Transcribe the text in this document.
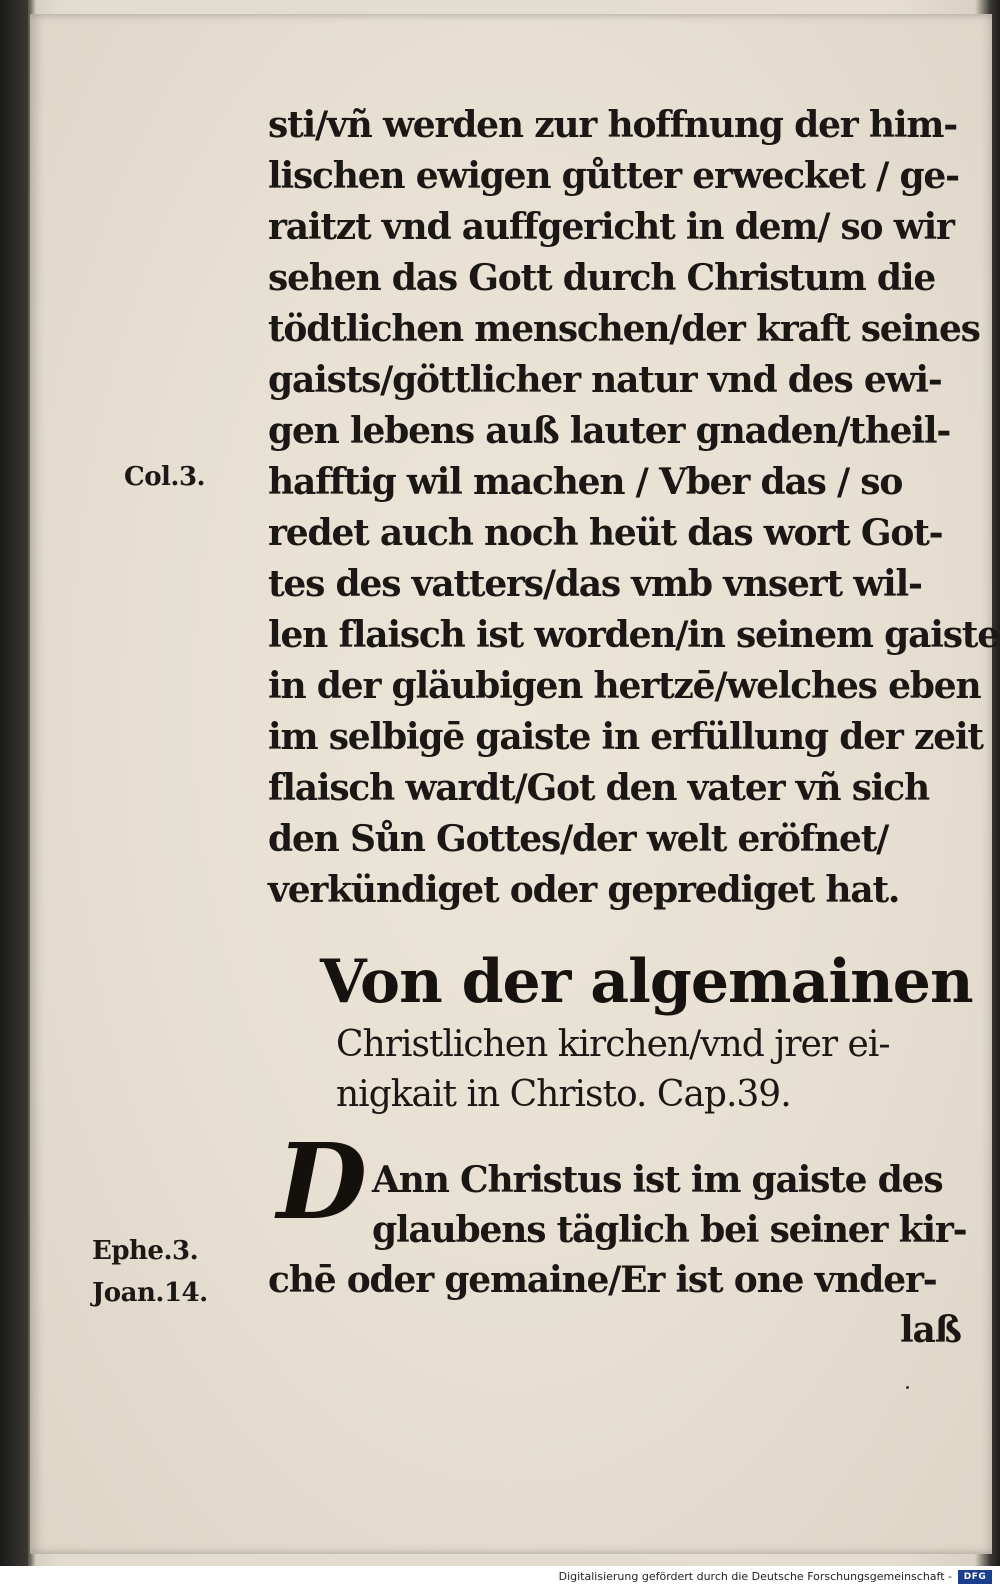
sti/vñ werden zur hoffnung der him-
lischen ewigen gůtter erwecket / ge-
raitzt vnd auffgericht in dem/ so wir
sehen das Gott durch Christum die
tödtlichen menschen/der kraft seines
gaists/göttlicher natur vnd des ewi-
gen lebens auß lauter gnaden/theil-
hafftig wil machen / Vber das / so
redet auch noch heüt das wort Got-
tes des vatters/das vmb vnsert wil-
len flaisch ist worden/in seinem gaiste
in der gläubigen hertzē/welches eben
im selbigē gaiste in erfüllung der zeit
flaisch wardt/Got den vater vñ sich
den Sůn Gottes/der welt eröfnet/
verkündiget oder geprediget hat.
Col.3.
Von der algemainen
Christlichen kirchen/vnd jrer ei-
nigkait in Christo. Cap.39.
D Ann Christus ist im gaiste des
glaubens täglich bei seiner kir-
chē oder gemaine/Er ist one vnder-
laß
Ephe.3.
Joan.14.
Digitalisierung gefördert durch die Deutsche Forschungsgemeinschaft -	DFG
